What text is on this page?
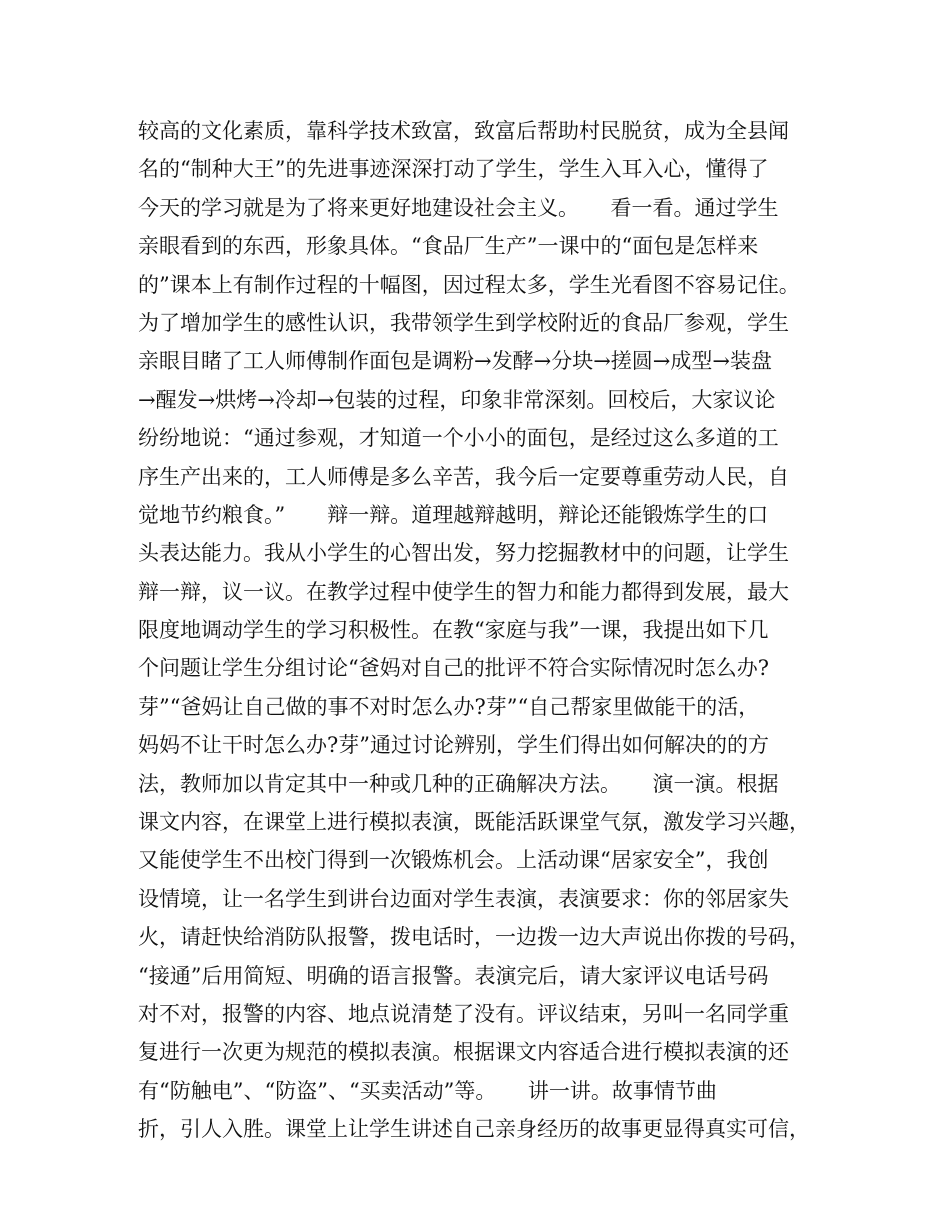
较高的文化素质，靠科学技术致富，致富后帮助村民脱贫，成为全县闻
名的“制种大王”的先进事迹深深打动了学生，学生入耳入心，懂得了
今天的学习就是为了将来更好地建设社会主义。　　看一看。通过学生
亲眼看到的东西，形象具体。“食品厂生产”一课中的“面包是怎样来
的”课本上有制作过程的十幅图，因过程太多，学生光看图不容易记住。
为了增加学生的感性认识，我带领学生到学校附近的食品厂参观，学生
亲眼目睹了工人师傅制作面包是调粉→发酵→分块→搓圆→成型→装盘
→醒发→烘烤→冷却→包装的过程，印象非常深刻。回校后，大家议论
纷纷地说：“通过参观，才知道一个小小的面包，是经过这么多道的工
序生产出来的，工人师傅是多么辛苦，我今后一定要尊重劳动人民，自
觉地节约粮食。”　　辩一辩。道理越辩越明，辩论还能锻炼学生的口
头表达能力。我从小学生的心智出发，努力挖掘教材中的问题，让学生
辩一辩，议一议。在教学过程中使学生的智力和能力都得到发展，最大
限度地调动学生的学习积极性。在教“家庭与我”一课，我提出如下几
个问题让学生分组讨论“爸妈对自己的批评不符合实际情况时怎么办?
芽”“爸妈让自己做的事不对时怎么办?芽”“自己帮家里做能干的活，
妈妈不让干时怎么办?芽”通过讨论辨别，学生们得出如何解决的的方
法，教师加以肯定其中一种或几种的正确解决方法。　　演一演。根据
课文内容，在课堂上进行模拟表演，既能活跃课堂气氛，激发学习兴趣，
又能使学生不出校门得到一次锻炼机会。上活动课“居家安全”，我创
设情境，让一名学生到讲台边面对学生表演，表演要求：你的邻居家失
火，请赶快给消防队报警，拨电话时，一边拨一边大声说出你拨的号码，
“接通”后用简短、明确的语言报警。表演完后，请大家评议电话号码
对不对，报警的内容、地点说清楚了没有。评议结束，另叫一名同学重
复进行一次更为规范的模拟表演。根据课文内容适合进行模拟表演的还
有“防触电”、“防盗”、“买卖活动”等。　　讲一讲。故事情节曲
折，引人入胜。课堂上让学生讲述自己亲身经历的故事更显得真实可信，
